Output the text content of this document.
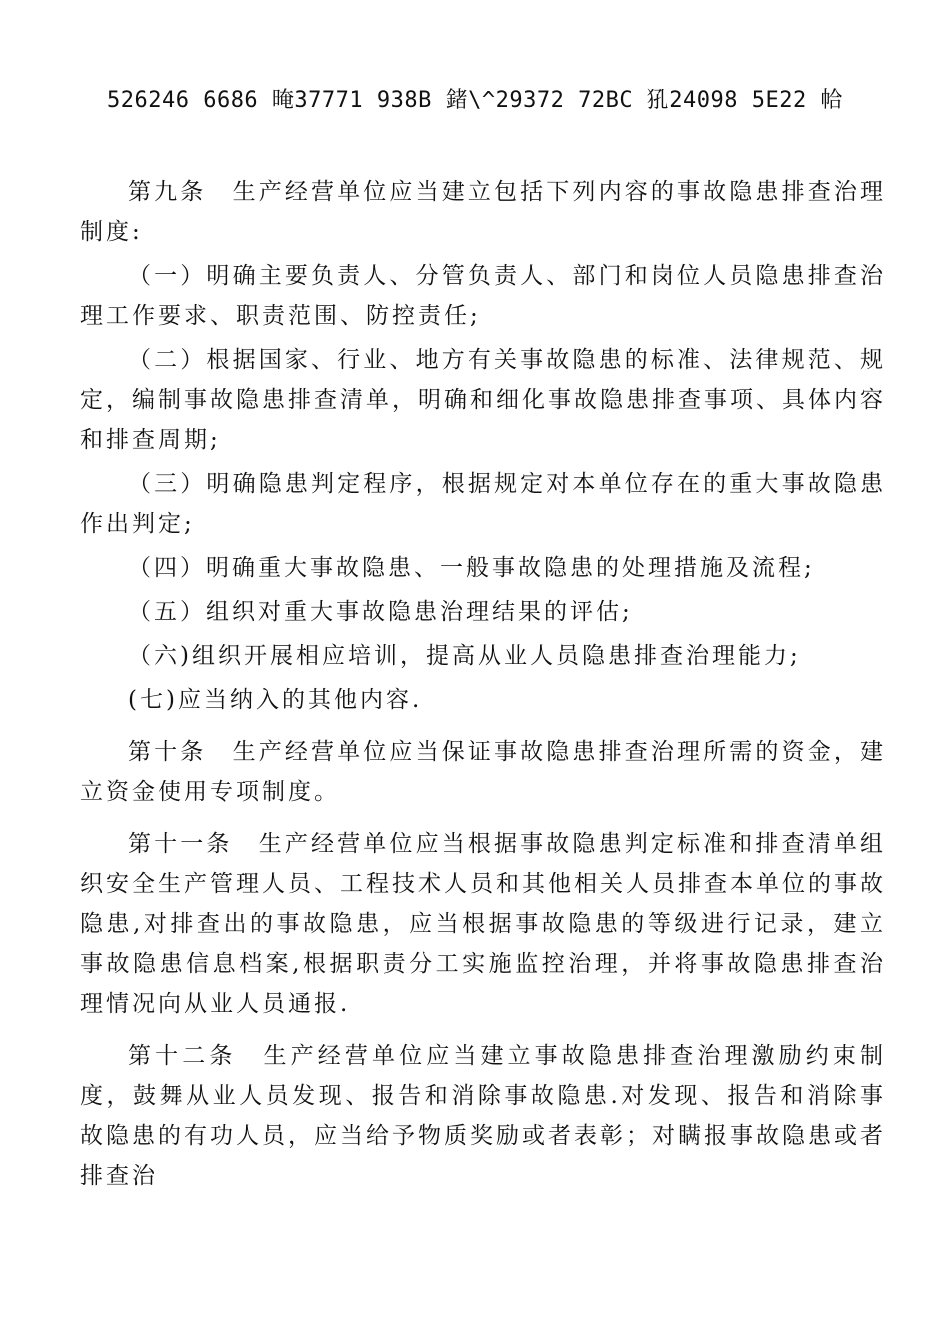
526246 6686 晻37771 938B 鍺\^29372 72BC 犼24098 5E22 帢

第九条　生产经营单位应当建立包括下列内容的事故隐患排查治理制度:

（一）明确主要负责人、分管负责人、部门和岗位人员隐患排查治理工作要求、职责范围、防控责任;

（二）根据国家、行业、地方有关事故隐患的标准、法律规范、规定，编制事故隐患排查清单，明确和细化事故隐患排查事项、具体内容和排查周期;

（三）明确隐患判定程序，根据规定对本单位存在的重大事故隐患作出判定;

（四）明确重大事故隐患、一般事故隐患的处理措施及流程;

（五）组织对重大事故隐患治理结果的评估;

（六)组织开展相应培训，提高从业人员隐患排查治理能力;

(七)应当纳入的其他内容.

第十条　生产经营单位应当保证事故隐患排查治理所需的资金，建立资金使用专项制度。

第十一条　生产经营单位应当根据事故隐患判定标准和排查清单组织安全生产管理人员、工程技术人员和其他相关人员排查本单位的事故隐患,对排查出的事故隐患，应当根据事故隐患的等级进行记录，建立事故隐患信息档案,根据职责分工实施监控治理，并将事故隐患排查治理情况向从业人员通报.

第十二条　生产经营单位应当建立事故隐患排查治理激励约束制度，鼓舞从业人员发现、报告和消除事故隐患.对发现、报告和消除事故隐患的有功人员，应当给予物质奖励或者表彰；对瞒报事故隐患或者排查治
